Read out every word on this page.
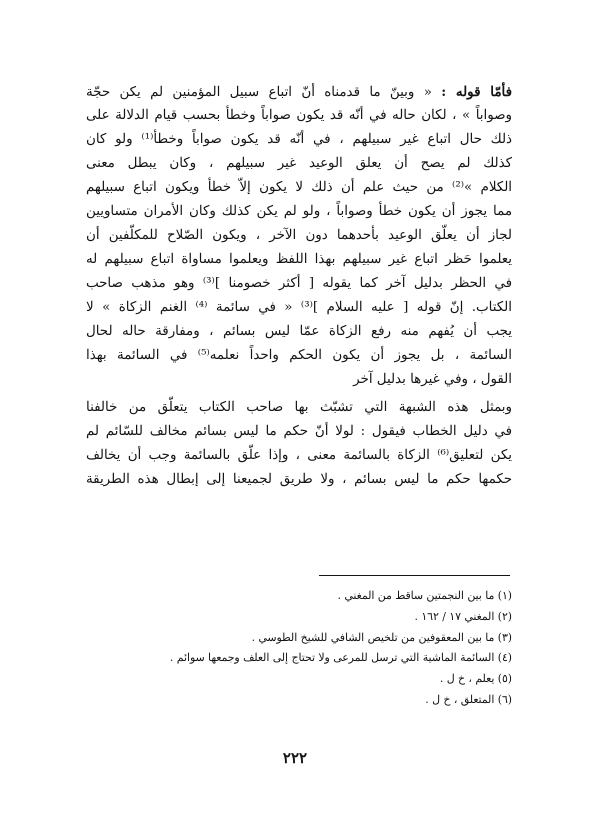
فأمّا قوله : « وبينّ ما قدمناه أنّ اتباع سبيل المؤمنين لم يكن حجّة
وصواباً » ، لكان حاله في أنّه قد يكون صواباً وخطأ بحسب قيام الدلالة على
ذلك حال اتباع غير سبيلهم ، في أنّه قد يكون صواباً وخطأ⁽¹⁾ ولو كان
كذلك لم يصح أن يعلق الوعيد غير سبيلهم ، وكان يبطل معنى
الكلام »⁽²⁾ من حيث علم أن ذلك لا يكون إلاّ خطأ ويكون اتباع سبيلهم
مما يجوز أن يكون خطأ وصواباً ، ولو لم يكن كذلك وكان الأمران متساويين
لجاز أن يعلّق الوعيد بأحدهما دون الآخر ، ويكون الصّلاح للمكلّفين أن
يعلموا حَظر اتباع غير سبيلهم بهذا اللفظ ويعلموا مساواة اتباع سبيلهم له
في الحظر بدليل آخر كما يقوله [ أكثر خصومنا ]⁽³⁾ وهو مذهب صاحب
الكتاب. إنّ قوله [ عليه السلام ]⁽³⁾ « في سائمة ⁽⁴⁾ الغنم الزكاة » لا
يجب أن يُفهم منه رفع الزكاة عمّا ليس بسائم ، ومفارقة حاله لحال
السائمة ، بل يجوز أن يكون الحكم واحداً نعلمه⁽⁵⁾ في السائمة بهذا
القول ، وفي غيرها بدليل آخر

وبمثل هذه الشبهة التي تشبّث بها صاحب الكتاب يتعلّق من خالفنا
في دليل الخطاب فيقول : لولا أنّ حكم ما ليس بسائم مخالف للسّائم لم
يكن لتعليق⁽⁶⁾ الزكاة بالسائمة معنى ، وإذا علّق بالسائمة وجب أن يخالف
حكمها حكم ما ليس بسائم ، ولا طريق لجميعنا إلى إبطال هذه الطريقة

(١) ما بين النجمتين ساقط من المغني .
(٢) المغني ١٧ / ١٦٢ .
(٣) ما بين المعقوفين من تلخيص الشافي للشيخ الطوسي .
(٤) السائمة الماشية التي ترسل للمرعى ولا تحتاج إلى العلف وجمعها سوائم .
(٥) يعلم ، خ ل .
(٦) المتعلق ، خ ل .
٢٢٢
